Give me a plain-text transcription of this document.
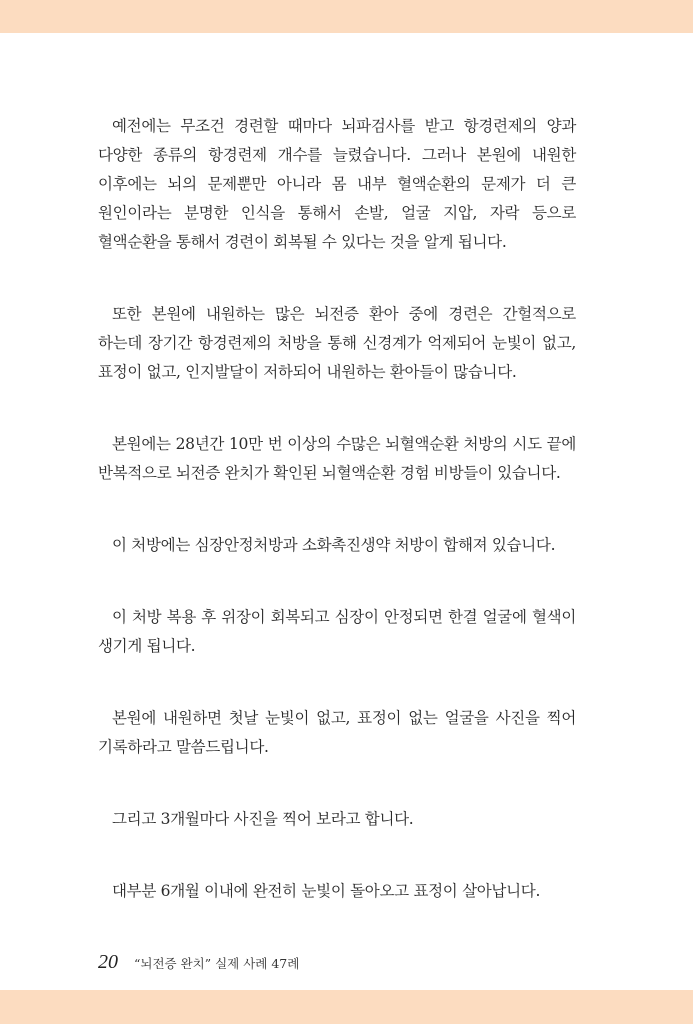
예전에는 무조건 경련할 때마다 뇌파검사를 받고 항경련제의 양과 다양한 종류의 항경련제 개수를 늘렸습니다. 그러나 본원에 내원한 이후에는 뇌의 문제뿐만 아니라 몸 내부 혈액순환의 문제가 더 큰 원인이라는 분명한 인식을 통해서 손발, 얼굴 지압, 자락 등으로 혈액순환을 통해서 경련이 회복될 수 있다는 것을 알게 됩니다.

또한 본원에 내원하는 많은 뇌전증 환아 중에 경련은 간헐적으로 하는데 장기간 항경련제의 처방을 통해 신경계가 억제되어 눈빛이 없고, 표정이 없고, 인지발달이 저하되어 내원하는 환아들이 많습니다.

본원에는 28년간 10만 번 이상의 수많은 뇌혈액순환 처방의 시도 끝에 반복적으로 뇌전증 완치가 확인된 뇌혈액순환 경험 비방들이 있습니다.

이 처방에는 심장안정처방과 소화촉진생약 처방이 합해져 있습니다.

이 처방 복용 후 위장이 회복되고 심장이 안정되면 한결 얼굴에 혈색이 생기게 됩니다.

본원에 내원하면 첫날 눈빛이 없고, 표정이 없는 얼굴을 사진을 찍어 기록하라고 말씀드립니다.

그리고 3개월마다 사진을 찍어 보라고 합니다.

대부분 6개월 이내에 완전히 눈빛이 돌아오고 표정이 살아납니다.

20 “뇌전증 완치” 실제 사례 47례
